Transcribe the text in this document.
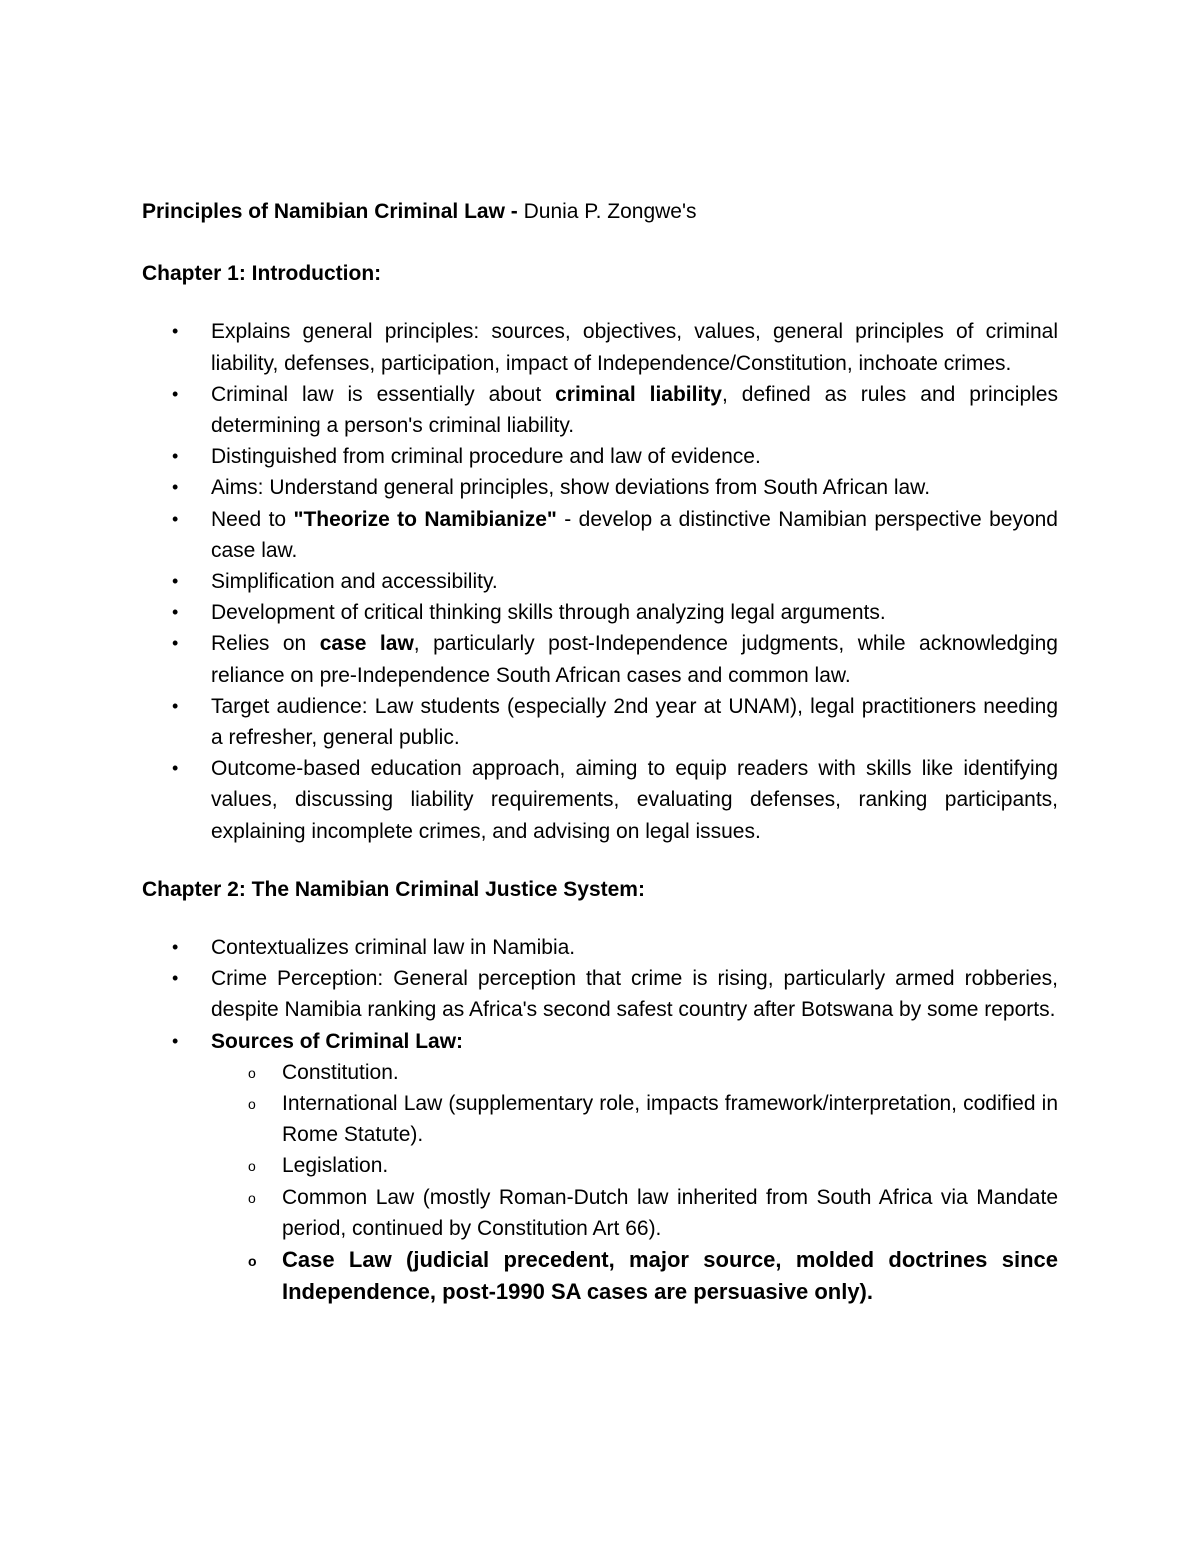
Principles of Namibian Criminal Law - Dunia P. Zongwe's

Chapter 1: Introduction:
• Explains general principles: sources, objectives, values, general principles of criminal liability, defenses, participation, impact of Independence/Constitution, inchoate crimes.
• Criminal law is essentially about criminal liability, defined as rules and principles determining a person's criminal liability.
• Distinguished from criminal procedure and law of evidence.
• Aims: Understand general principles, show deviations from South African law.
• Need to "Theorize to Namibianize" - develop a distinctive Namibian perspective beyond case law.
• Simplification and accessibility.
• Development of critical thinking skills through analyzing legal arguments.
• Relies on case law, particularly post-Independence judgments, while acknowledging reliance on pre-Independence South African cases and common law.
• Target audience: Law students (especially 2nd year at UNAM), legal practitioners needing a refresher, general public.
• Outcome-based education approach, aiming to equip readers with skills like identifying values, discussing liability requirements, evaluating defenses, ranking participants, explaining incomplete crimes, and advising on legal issues.
Chapter 2: The Namibian Criminal Justice System:
• Contextualizes criminal law in Namibia.
• Crime Perception: General perception that crime is rising, particularly armed robberies, despite Namibia ranking as Africa's second safest country after Botswana by some reports.
• Sources of Criminal Law:
o Constitution.
o International Law (supplementary role, impacts framework/interpretation, codified in Rome Statute).
o Legislation.
o Common Law (mostly Roman-Dutch law inherited from South Africa via Mandate period, continued by Constitution Art 66).
o Case Law (judicial precedent, major source, molded doctrines since Independence, post-1990 SA cases are persuasive only).
